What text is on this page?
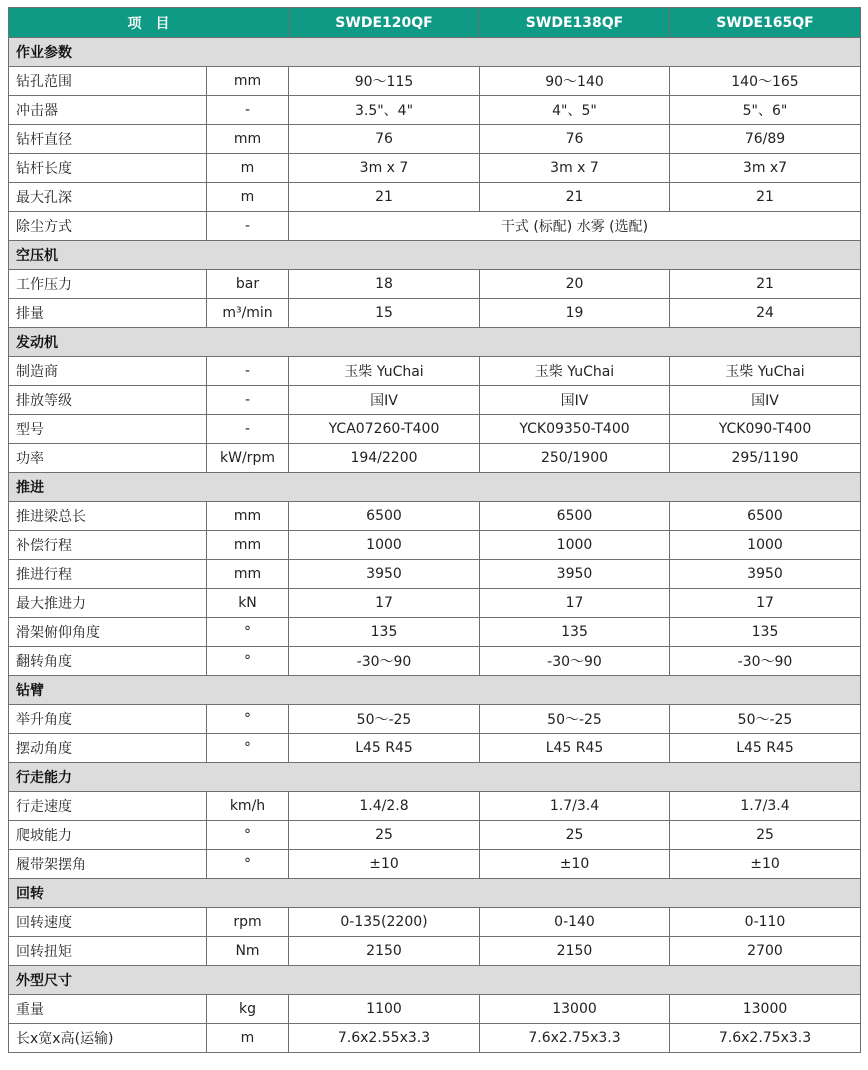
项　目		SWDE120QF	SWDE138QF	SWDE165QF
作业参数				
钻孔范围	mm	90～115	90～140	140～165
冲击器	-	3.5"、4"	4"、5"	5"、6"
钻杆直径	mm	76	76	76/89
钻杆长度	m	3m x 7	3m x 7	3m x7
最大孔深	m	21	21	21
除尘方式	-	干式 (标配) 水雾 (选配)		
空压机				
工作压力	bar	18	20	21
排量	m³/min	15	19	24
发动机				
制造商	-	玉柴 YuChai	玉柴 YuChai	玉柴 YuChai
排放等级	-	国IV	国IV	国IV
型号	-	YCA07260-T400	YCK09350-T400	YCK090-T400
功率	kW/rpm	194/2200	250/1900	295/1190
推进				
推进梁总长	mm	6500	6500	6500
补偿行程	mm	1000	1000	1000
推进行程	mm	3950	3950	3950
最大推进力	kN	17	17	17
滑架俯仰角度	°	135	135	135
翻转角度	°	-30～90	-30～90	-30～90
钻臂				
举升角度	°	50～-25	50～-25	50～-25
摆动角度	°	L45 R45	L45 R45	L45 R45
行走能力				
行走速度	km/h	1.4/2.8	1.7/3.4	1.7/3.4
爬坡能力	°	25	25	25
履带架摆角	°	±10	±10	±10
回转				
回转速度	rpm	0-135(2200)	0-140	0-110
回转扭矩	Nm	2150	2150	2700
外型尺寸				
重量	kg	1100	13000	13000
长x宽x高(运输)	m	7.6x2.55x3.3	7.6x2.75x3.3	7.6x2.75x3.3
